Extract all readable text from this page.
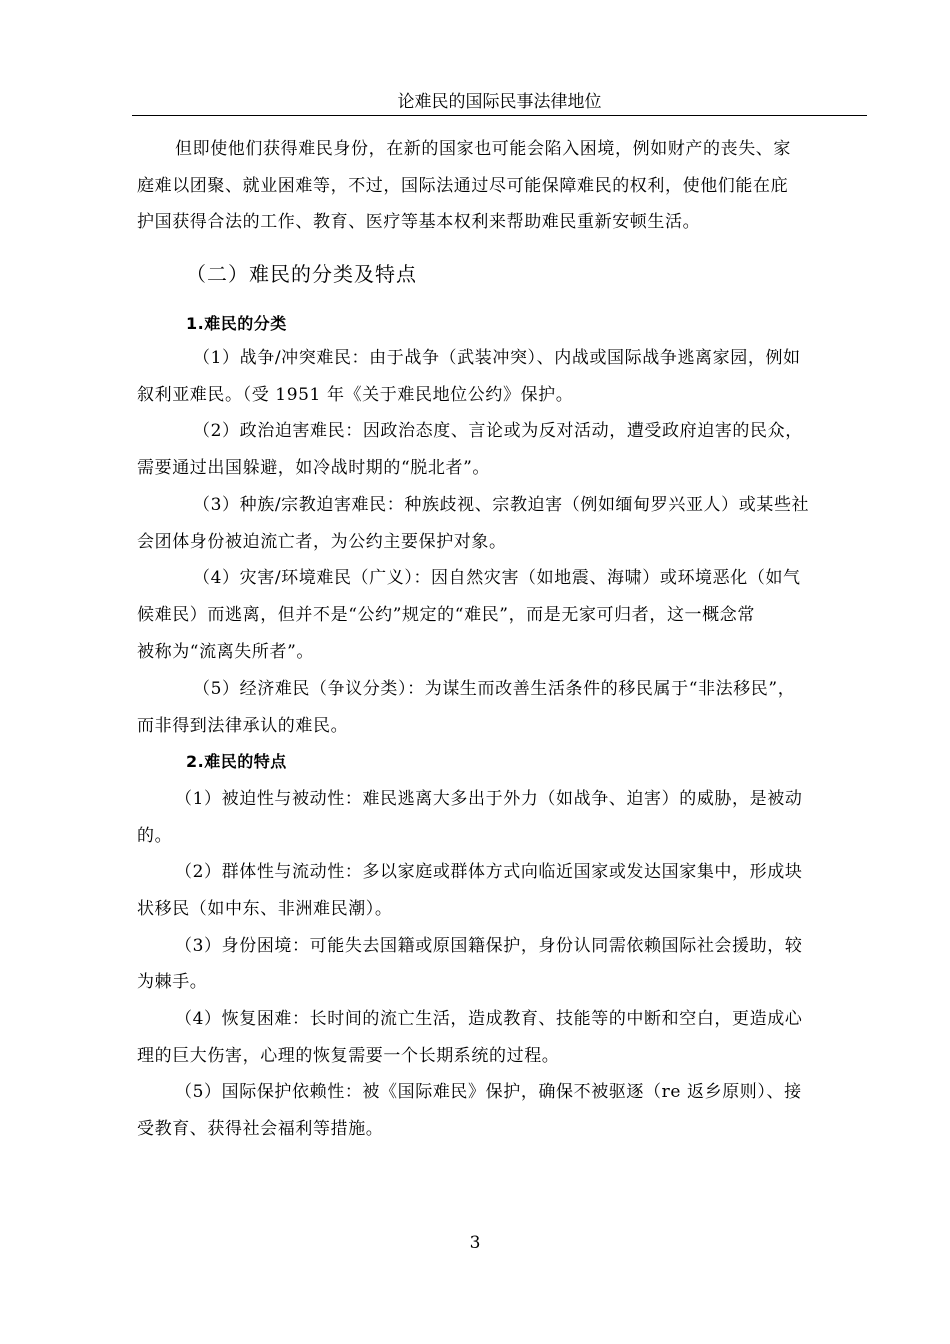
论难民的国际民事法律地位
但即使他们获得难民身份，在新的国家也可能会陷入困境，例如财产的丧失、家
庭难以团聚、就业困难等，不过，国际法通过尽可能保障难民的权利，使他们能在庇
护国获得合法的工作、教育、医疗等基本权利来帮助难民重新安顿生活。
（二）难民的分类及特点
1.难民的分类
（1）战争/冲突难民：由于战争（武装冲突）、内战或国际战争逃离家园，例如
叙利亚难民。（受 1951 年《关于难民地位公约》保护。
（2）政治迫害难民：因政治态度、言论或为反对活动，遭受政府迫害的民众，
需要通过出国躲避，如冷战时期的“脱北者”。
（3）种族/宗教迫害难民：种族歧视、宗教迫害（例如缅甸罗兴亚人）或某些社
会团体身份被迫流亡者，为公约主要保护对象。
（4）灾害/环境难民（广义）：因自然灾害（如地震、海啸）或环境恶化（如气
候难民）而逃离，但并不是“公约”规定的“难民”，而是无家可归者，这一概念常
被称为“流离失所者”。
（5）经济难民（争议分类）：为谋生而改善生活条件的移民属于“非法移民”，
而非得到法律承认的难民。
2.难民的特点
（1）被迫性与被动性：难民逃离大多出于外力（如战争、迫害）的威胁，是被动
的。
（2）群体性与流动性：多以家庭或群体方式向临近国家或发达国家集中，形成块
状移民（如中东、非洲难民潮）。
（3）身份困境：可能失去国籍或原国籍保护，身份认同需依赖国际社会援助，较
为棘手。
（4）恢复困难：长时间的流亡生活，造成教育、技能等的中断和空白，更造成心
理的巨大伤害，心理的恢复需要一个长期系统的过程。
（5）国际保护依赖性：被《国际难民》保护，确保不被驱逐（re 返乡原则）、接
受教育、获得社会福利等措施。
3
